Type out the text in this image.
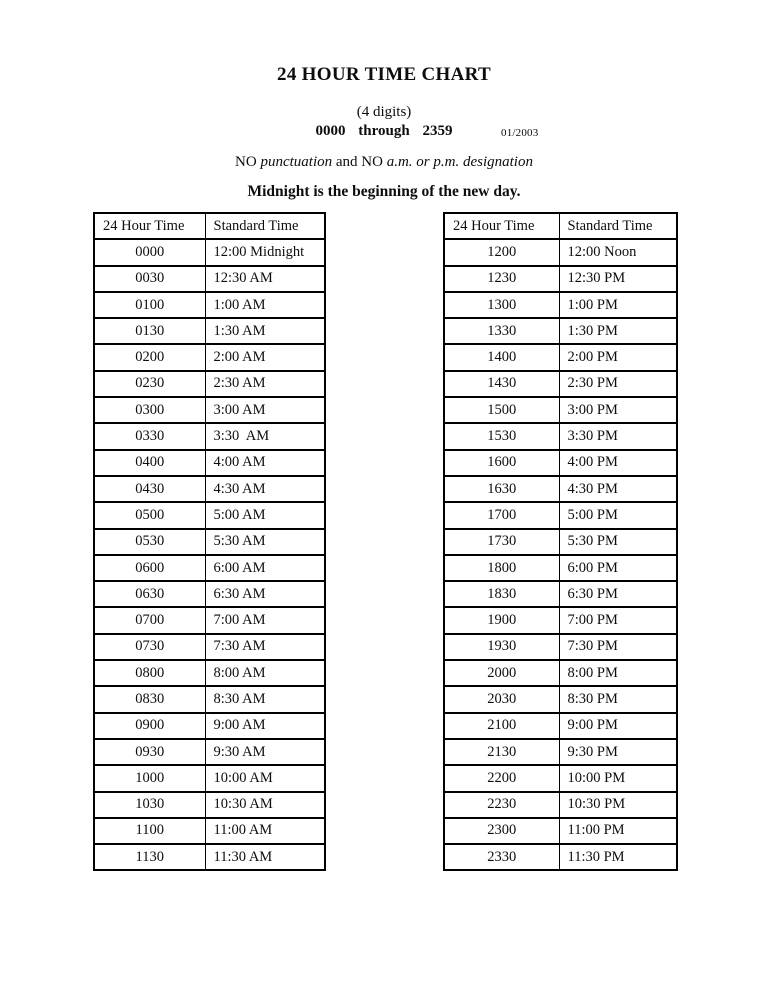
24 HOUR TIME CHART
(4 digits)
0000 through 2359	01/2003
NO punctuation and NO a.m. or p.m. designation
Midnight is the beginning of the new day.
24 Hour Time	Standard Time
0000	12:00 Midnight
0030	12:30 AM
0100	1:00 AM
0130	1:30 AM
0200	2:00 AM
0230	2:30 AM
0300	3:00 AM
0330	3:30  AM
0400	4:00 AM
0430	4:30 AM
0500	5:00 AM
0530	5:30 AM
0600	6:00 AM
0630	6:30 AM
0700	7:00 AM
0730	7:30 AM
0800	8:00 AM
0830	8:30 AM
0900	9:00 AM
0930	9:30 AM
1000	10:00 AM
1030	10:30 AM
1100	11:00 AM
1130	11:30 AM
24 Hour Time	Standard Time
1200	12:00 Noon
1230	12:30 PM
1300	1:00 PM
1330	1:30 PM
1400	2:00 PM
1430	2:30 PM
1500	3:00 PM
1530	3:30 PM
1600	4:00 PM
1630	4:30 PM
1700	5:00 PM
1730	5:30 PM
1800	6:00 PM
1830	6:30 PM
1900	7:00 PM
1930	7:30 PM
2000	8:00 PM
2030	8:30 PM
2100	9:00 PM
2130	9:30 PM
2200	10:00 PM
2230	10:30 PM
2300	11:00 PM
2330	11:30 PM
